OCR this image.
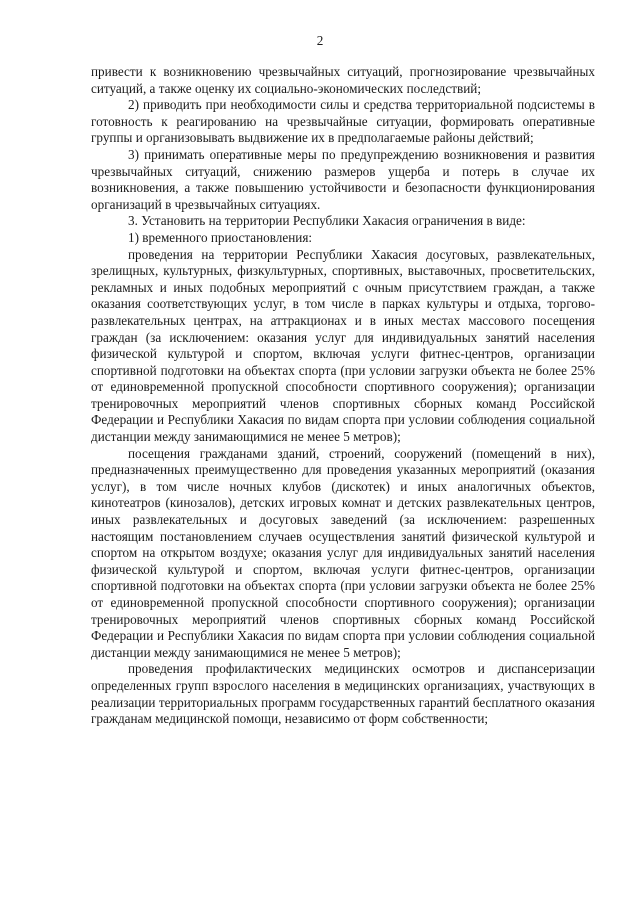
2

привести к возникновению чрезвычайных ситуаций, прогнозирование чрезвычайных ситуаций, а также оценку их социально-экономических последствий;

2) приводить при необходимости силы и средства территориальной подсистемы в готовность к реагированию на чрезвычайные ситуации, формировать оперативные группы и организовывать выдвижение их в предполагаемые районы действий;

3) принимать оперативные меры по предупреждению возникновения и развития чрезвычайных ситуаций, снижению размеров ущерба и потерь в случае их возникновения, а также повышению устойчивости и безопасности функционирования организаций в чрезвычайных ситуациях.

3. Установить на территории Республики Хакасия ограничения в виде:

1) временного приостановления:

проведения на территории Республики Хакасия досуговых, развлекательных, зрелищных, культурных, физкультурных, спортивных, выставочных, просветительских, рекламных и иных подобных мероприятий с очным присутствием граждан, а также оказания соответствующих услуг, в том числе в парках культуры и отдыха, торгово-развлекательных центрах, на аттракционах и в иных местах массового посещения граждан (за исключением: оказания услуг для индивидуальных занятий населения физической культурой и спортом, включая услуги фитнес-центров, организации спортивной подготовки на объектах спорта (при условии загрузки объекта не более 25% от единовременной пропускной способности спортивного сооружения); организации тренировочных мероприятий членов спортивных сборных команд Российской Федерации и Республики Хакасия по видам спорта при условии соблюдения социальной дистанции между занимающимися не менее 5 метров);

посещения гражданами зданий, строений, сооружений (помещений в них), предназначенных преимущественно для проведения указанных мероприятий (оказания услуг), в том числе ночных клубов (дискотек) и иных аналогичных объектов, кинотеатров (кинозалов), детских игровых комнат и детских развлекательных центров, иных развлекательных и досуговых заведений (за исключением: разрешенных настоящим постановлением случаев осуществления занятий физической культурой и спортом на открытом воздухе; оказания услуг для индивидуальных занятий населения физической культурой и спортом, включая услуги фитнес-центров, организации спортивной подготовки на объектах спорта (при условии загрузки объекта не более 25% от единовременной пропускной способности спортивного сооружения); организации тренировочных мероприятий членов спортивных сборных команд Российской Федерации и Республики Хакасия по видам спорта при условии соблюдения социальной дистанции между занимающимися не менее 5 метров);

проведения профилактических медицинских осмотров и диспансеризации определенных групп взрослого населения в медицинских организациях, участвующих в реализации территориальных программ государственных гарантий бесплатного оказания гражданам медицинской помощи, независимо от форм собственности;
